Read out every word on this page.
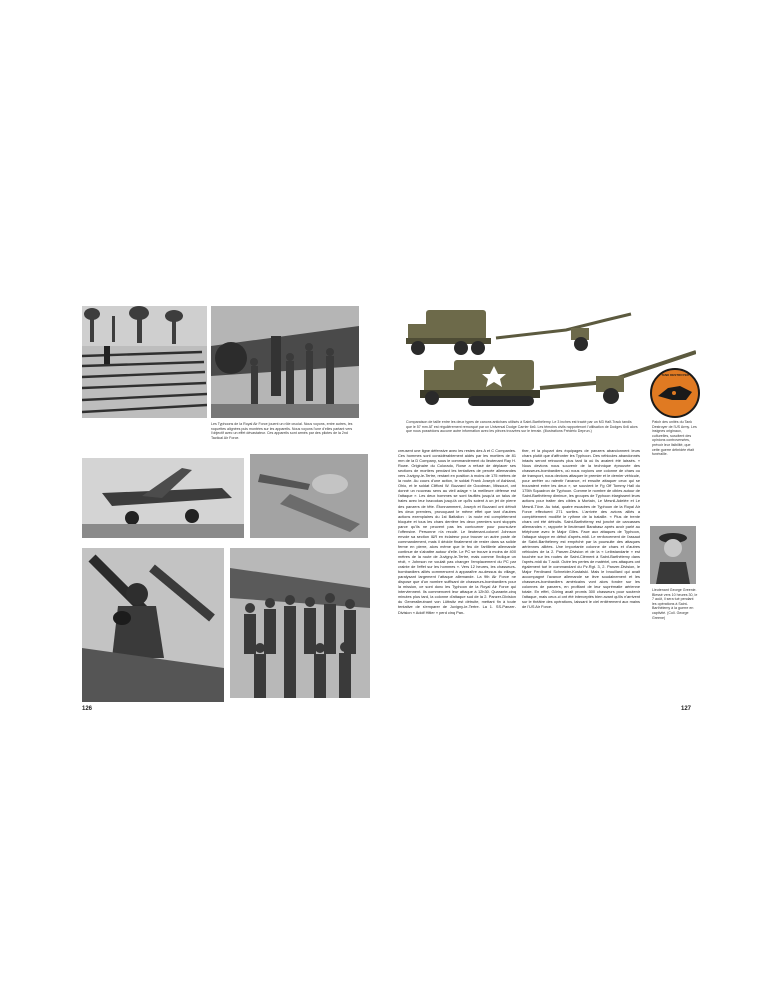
Les Typhoons de la Royal Air Force jouent un rôle crucial. Nous voyons, entre autres, les roquettes alignées puis montées sur les appareils. Nous voyons l'une d'elles partant vers l'objectif avec un effet dévastateur. Ces appareils sont armés par des pilotes de la 2nd Tactical Air Force.
126

creusent une ligne défensive avec les restes des A et C Companies. Ces hommes sont considérablement aidés par les mortiers de 81 mm de la D Company, sous le commandement du lieutenant Ray H. Rowe. Originaire du Colorado, Rowe a refusé de déplacer ses sections de mortiers pendant les tentatives de percée allemandes vers Juvigny-le-Tertre, restant en position à moins de 175 mètres de la route. Au cours d'une action, le soldat Frank Joseph of Ashland, Ohio, et le soldat Clifford W. Buzzard de Goodman, Missouri, ont donné un nouveau sens au vieil adage « la meilleure défense est l'attaque ». Les deux hommes se sont faufilés jusqu'à un talus de haies avec leur bazookas jusqu'à ce qu'ils soient à un jet de pierre des panzers de tête. Étonnamment, Joseph et Buzzard ont détruit les deux premiers, provoquant le même effet que tant d'autres actions exemplaires du 1st Battalion : la route est complètement bloquée et tous les chars derrière les deux premiers sont stoppés parce qu'ils ne peuvent pas les contourner pour poursuivre l'offensive. Personne n'a reculé. Le lieutenant-colonel Johnson envoie sa section I&R en éclaireur pour trouver un autre poste de commandement, mais il décide finalement de rester dans sa solide ferme en pierre, alors même que le feu de l'artillerie allemande continue de s'abattre autour d'elle. Le PC se trouve à moins de 400 mètres de la route de Juvigny-le-Tertre, mais comme l'indique un récit, « Johnson ne voulait pas changer l'emplacement du PC par crainte de l'effet sur les hommes ». Vers 12 heures, les chasseurs-bombardiers alliés commencent à apparaître au-dessus du village, paralysant largement l'attaque allemande. La 9th Air Force ne dispose que d'un nombre suffisant de chasseurs-bombardiers pour la mission, ce sont donc les Typhoon de la Royal Air Force qui interviennent. Ils commencent leur attaque à 12h30. Quarante-cinq minutes plus tard, la colonne d'attaque sud de la 2. Panzer-Division du Generalleutnant von Lüttwitz est détruite, mettant fin à toute tentative de s'emparer de Juvigny-le-Tertre. La 1. SS-Panzer-Division « Adolf Hitler » perd cinq Pan-

Comparaison de taille entre les deux types de canons antichars utilisés à Saint-Barthélemy. Le 3 inches est tracté par un M3 Half-Track tandis que le 57 mm AT est régulièrement remorqué par un Universal Dodge Carrier 6x6. Les témoins civils rapporteront l'utilisation de Dodges 6x6 alors que nous possédons aucune autre information avec les pièces trouvées sur le terrain. (Illustrations Frédéric Deprun.)
TANK DESTROYER
Patch des unités du Tank Destroyer de l'US Army. Les insignes originaux, culturelles, suscitent des opinions controversées, prévoir leur lisibilité, que cette guerre débridée était funéraille.
Lieutenant George Greenie. Blessé vers 10 heures 30, le 7 août, il sera tué pendant les opérations à Saint-Barthélemy à la guerre en captivité. (Coll. George Greene)

ther, et la plupart des équipages de panzers abandonnent leurs chars plutôt que d'affronter les Typhoon. Des véhicules abandonnés intacts seront retrouvés plus tard là où ils avaient été laissés. « Nous devions nous souvenir de la technique éprouvée des chasseurs-bombardiers, où nous voyions une colonne de chars ou de transport, nous devions attaquer le premier et le dernier véhicule, pour arrêter ou ralentir l'avance, et ensuite attaquer ceux qui se trouvaient entre les deux », se souvient le Fg Off Tommy Hall du 175th Squadron de Typhoon. Comme le nombre de cibles autour de Saint-Barthélemy diminue, les groupes de Typhoon élargissent leurs actions pour traiter des cibles à Mortain, Le Mesnil-Adelée et Le Mesnil-Tôve. Au total, quatre escadres de Typhoon de la Royal Air Force effectuent 271 sorties. L'arrivée des avions alliés a complètement modifié le rythme de la bataille. « Plus de trente chars ont été détruits. Saint-Barthélemy est jonché de carcasses allemandes », rapporte le lieutenant Barabasz après avoir parlé au téléphone avec le Major Giles. Face aux attaques de Typhoon, l'attaque stoppe en début d'après-midi. Le renforcement de l'assaut de Saint-Barthélemy est empêché par la poursuite des attaques aériennes alliées. Une importante colonne de chars et d'autres véhicules de la 2. Panzer-Division et de la « Leibstandarte » est touchée sur les routes de Saint-Clément à Saint-Barthélemy dans l'après-midi du 7 août. Outre les pertes de matériel, ces attaques ont également tué le commandant du Pz.Rgt. 3, 2. Panzer-Division, le Major Ferdinand Schneider-Kostalski. Mais le brouillard qui avait accompagné l'avance allemande se lève soudainement et les chasseurs-bombardiers américains vont alors fondre sur les colonnes de panzers, en profitant de leur suprématie aérienne totale. En effet, Göring avait promis 300 chasseurs pour soutenir l'attaque, mais ceux-ci ont été interceptés bien avant qu'ils n'arrivent sur le théâtre des opérations, laissant le ciel entièrement aux mains de l'US Air Force.

127
